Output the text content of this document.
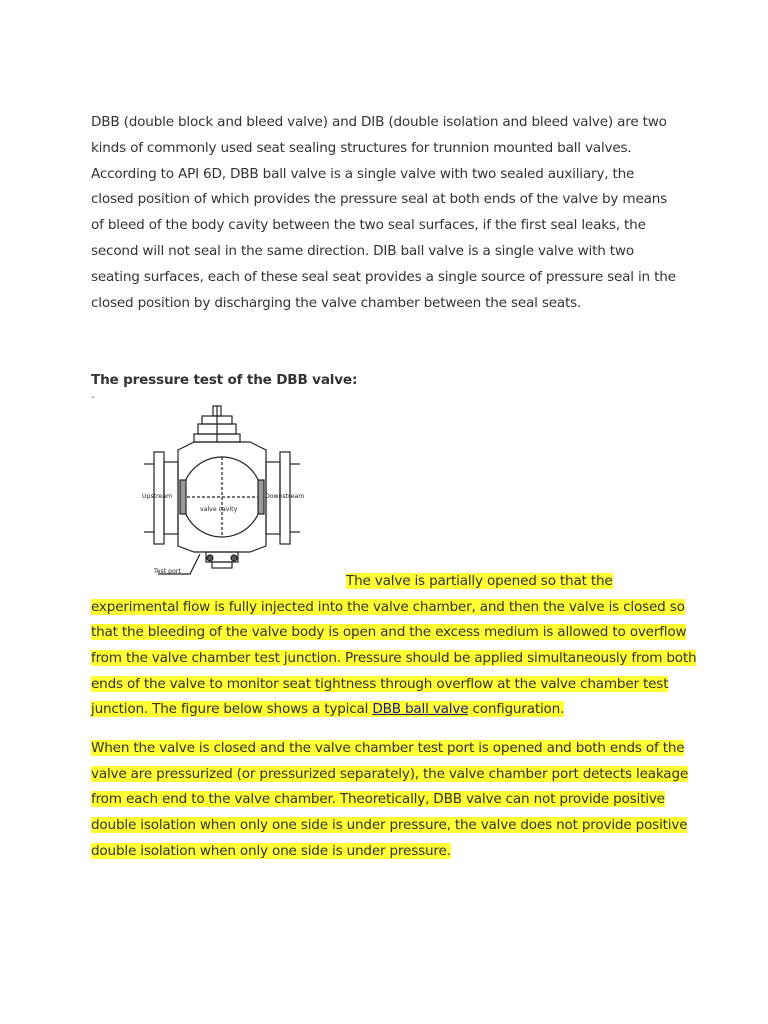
DBB (double block and bleed valve) and DIB (double isolation and bleed valve) are two kinds of commonly used seat sealing structures for trunnion mounted ball valves. According to API 6D, DBB ball valve is a single valve with two sealed auxiliary, the closed position of which provides the pressure seal at both ends of the valve by means of bleed of the body cavity between the two seal surfaces, if the first seal leaks, the second will not seal in the same direction. DIB ball valve is a single valve with two seating surfaces, each of these seal seat provides a single source of pressure seal in the closed position by discharging the valve chamber between the seal seats.

The pressure test of the DBB valve:

-
Upstream	Downstream
valve cavity
Test port
The valve is partially opened so that the
experimental flow is fully injected into the valve chamber, and then the valve is closed so
that the bleeding of the valve body is open and the excess medium is allowed to overflow
from the valve chamber test junction. Pressure should be applied simultaneously from both
ends of the valve to monitor seat tightness through overflow at the valve chamber test
junction. The figure below shows a typical DBB ball valve configuration.
When the valve is closed and the valve chamber test port is opened and both ends of the
valve are pressurized (or pressurized separately), the valve chamber port detects leakage
from each end to the valve chamber. Theoretically, DBB valve can not provide positive
double isolation when only one side is under pressure, the valve does not provide positive
double isolation when only one side is under pressure.
